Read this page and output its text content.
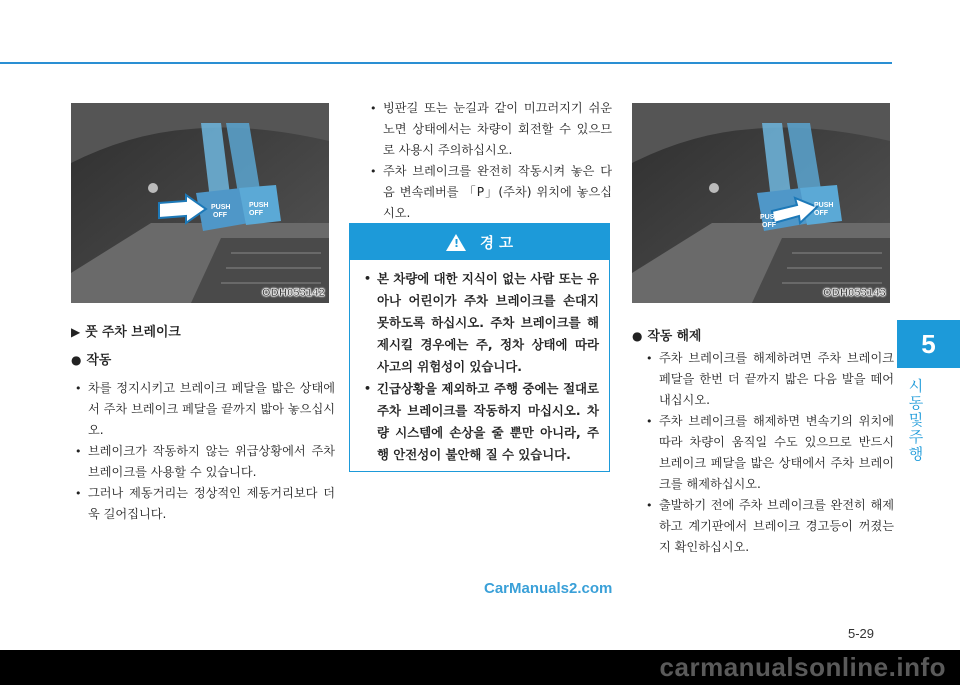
5
시동 및 주행
PUSH
OFF
PUSH
OFF
ODH053142
PUSH
OFF
PUSH
OFF
ODH053143
▶ 풋 주차 브레이크
● 작동
• 차를 정지시키고 브레이크 페달을 밟은 상태에서 주차 브레이크 페달을 끝까지 밟아 놓으십시오.
• 브레이크가 작동하지 않는 위급상황에서 주차 브레이크를 사용할 수 있습니다.
• 그러나 제동거리는 정상적인 제동거리보다 더욱 길어집니다.
• 빙판길 또는 눈길과 같이 미끄러지기 쉬운 노면 상태에서는 차량이 회전할 수 있으므로 사용시 주의하십시오.
• 주차 브레이크를 완전히 작동시켜 놓은 다음 변속레버를 「P」(주차) 위치에 놓으십시오.
! 경 고
• 본 차량에 대한 지식이 없는 사람 또는 유아나 어린이가 주차 브레이크를 손대지 못하도록 하십시오. 주차 브레이크를 해제시킬 경우에는 주, 정차 상태에 따라 사고의 위험성이 있습니다.
• 긴급상황을 제외하고 주행 중에는 절대로 주차 브레이크를 작동하지 마십시오. 차량 시스템에 손상을 줄 뿐만 아니라, 주행 안전성이 불안해 질 수 있습니다.
● 작동 해제
• 주차 브레이크를 해제하려면 주차 브레이크 페달을 한번 더 끝까지 밟은 다음 발을 떼어내십시오.
• 주차 브레이크를 해제하면 변속기의 위치에 따라 차량이 움직일 수도 있으므로 반드시 브레이크 페달을 밟은 상태에서 주차 브레이크를 해제하십시오.
• 출발하기 전에 주차 브레이크를 완전히 해제하고 계기판에서 브레이크 경고등이 꺼졌는지 확인하십시오.
CarManuals2.com
5-29
carmanualsonline.info
